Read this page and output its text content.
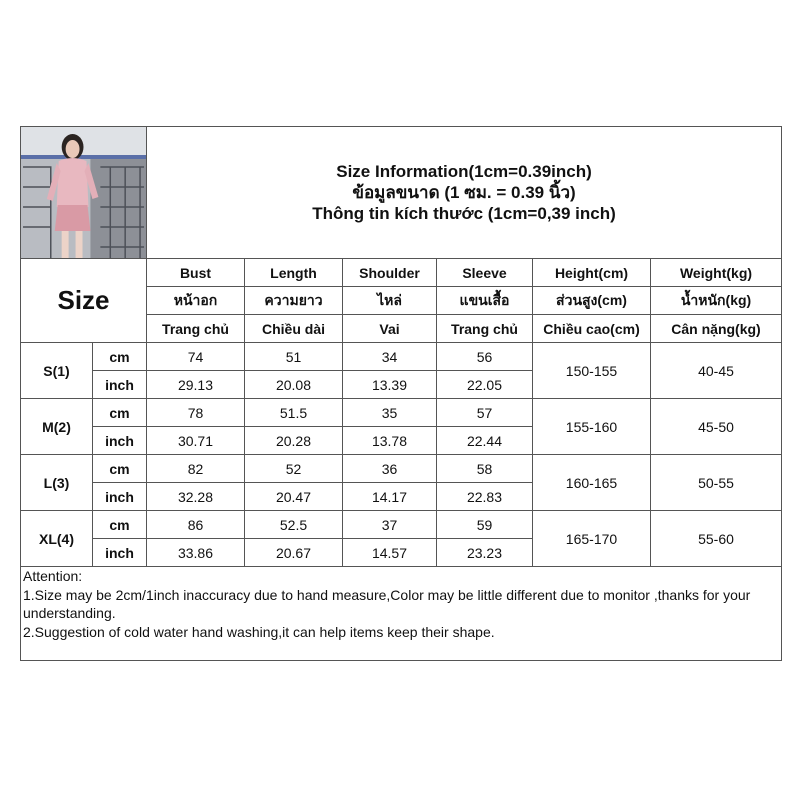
Size Information(1cm=0.39inch)
ข้อมูลขนาด (1 ซม. = 0.39 นิ้ว)
Thông tin kích thước (1cm=0,39 inch)					

Size		Bust	Length	Shoulder	Sleeve	Height(cm)	Weight(kg)
		หน้าอก	ความยาว	ไหล่	แขนเสื้อ	ส่วนสูง(cm)	น้ำหนัก(kg)
		Trang chủ	Chiều dài	Vai	Trang chủ	Chiều cao(cm)	Cân nặng(kg)
S(1)	cm	74	51	34	56	150-155	40-45
	inch	29.13	20.08	13.39	22.05		
M(2)	cm	78	51.5	35	57	155-160	45-50
	inch	30.71	20.28	13.78	22.44		
L(3)	cm	82	52	36	58	160-165	50-55
	inch	32.28	20.47	14.17	22.83		
XL(4)	cm	86	52.5	37	59	165-170	55-60
	inch	33.86	20.67	14.57	23.23		

Attention:
1.Size may be 2cm/1inch inaccuracy due to hand measure,Color may be little different due to monitor ,thanks for your understanding.
2.Suggestion of cold water hand washing,it can help items keep their shape.							
